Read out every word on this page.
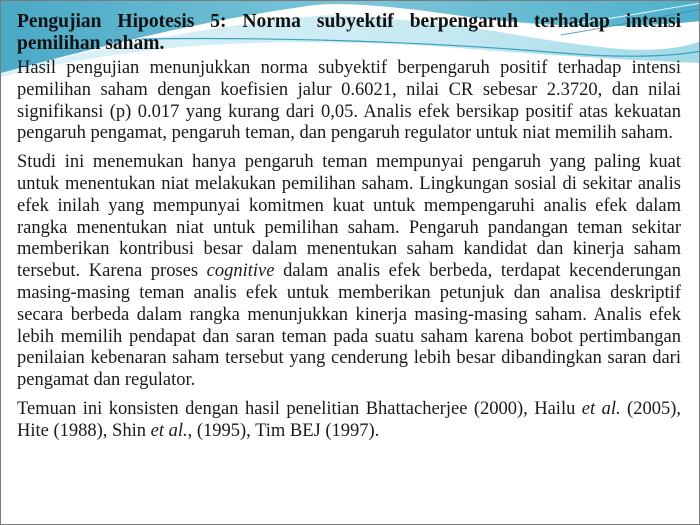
Pengujian Hipotesis 5: Norma subyektif berpengaruh terhadap intensi pemilihan saham.

Hasil pengujian menunjukkan norma subyektif berpengaruh positif terhadap intensi pemilihan saham dengan koefisien jalur 0.6021, nilai CR sebesar 2.3720, dan nilai signifikansi (p) 0.017 yang kurang dari 0,05. Analis efek bersikap positif atas kekuatan pengaruh pengamat, pengaruh teman, dan pengaruh regulator untuk niat memilih saham.

Studi ini menemukan hanya pengaruh teman mempunyai pengaruh yang paling kuat untuk menentukan niat melakukan pemilihan saham. Lingkungan sosial di sekitar analis efek inilah yang mempunyai komitmen kuat untuk mempengaruhi analis efek dalam rangka menentukan niat untuk pemilihan saham. Pengaruh pandangan teman sekitar memberikan kontribusi besar dalam menentukan saham kandidat dan kinerja saham tersebut. Karena proses cognitive dalam analis efek berbeda, terdapat kecenderungan masing-masing teman analis efek untuk memberikan petunjuk dan analisa deskriptif secara berbeda dalam rangka menunjukkan kinerja masing-masing saham. Analis efek lebih memilih pendapat dan saran teman pada suatu saham karena bobot pertimbangan penilaian kebenaran saham tersebut yang cenderung lebih besar dibandingkan saran dari pengamat dan regulator.

Temuan ini konsisten dengan hasil penelitian Bhattacherjee (2000), Hailu et al. (2005), Hite (1988), Shin et al., (1995), Tim BEJ (1997).
